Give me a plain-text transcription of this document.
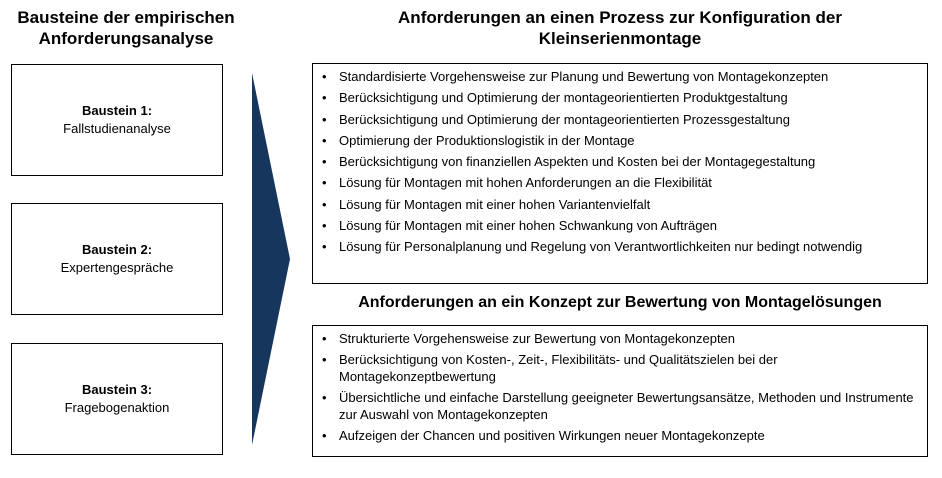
Bausteine der empirischen Anforderungsanalyse
Baustein 1:
Fallstudienanalyse
Baustein 2:
Expertengespräche
Baustein 3:
Fragebogenaktion
Anforderungen an einen Prozess zur Konfiguration der Kleinserienmontage
• Standardisierte Vorgehensweise zur Planung und Bewertung von Montagekonzepten
• Berücksichtigung und Optimierung der montageorientierten Produktgestaltung
• Berücksichtigung und Optimierung der montageorientierten Prozessgestaltung
• Optimierung der Produktionslogistik in der Montage
• Berücksichtigung von finanziellen Aspekten und Kosten bei der Montagegestaltung
• Lösung für Montagen mit hohen Anforderungen an die Flexibilität
• Lösung für Montagen mit einer hohen Variantenvielfalt
• Lösung für Montagen mit einer hohen Schwankung von Aufträgen
• Lösung für Personalplanung und Regelung von Verantwortlichkeiten nur bedingt notwendig
Anforderungen an ein Konzept zur Bewertung von Montagelösungen
• Strukturierte Vorgehensweise zur Bewertung von Montagekonzepten
• Berücksichtigung von Kosten-, Zeit-, Flexibilitäts- und Qualitätszielen bei der Montagekonzeptbewertung
• Übersichtliche und einfache Darstellung geeigneter Bewertungsansätze, Methoden und Instrumente zur Auswahl von Montagekonzepten
• Aufzeigen der Chancen und positiven Wirkungen neuer Montagekonzepte
